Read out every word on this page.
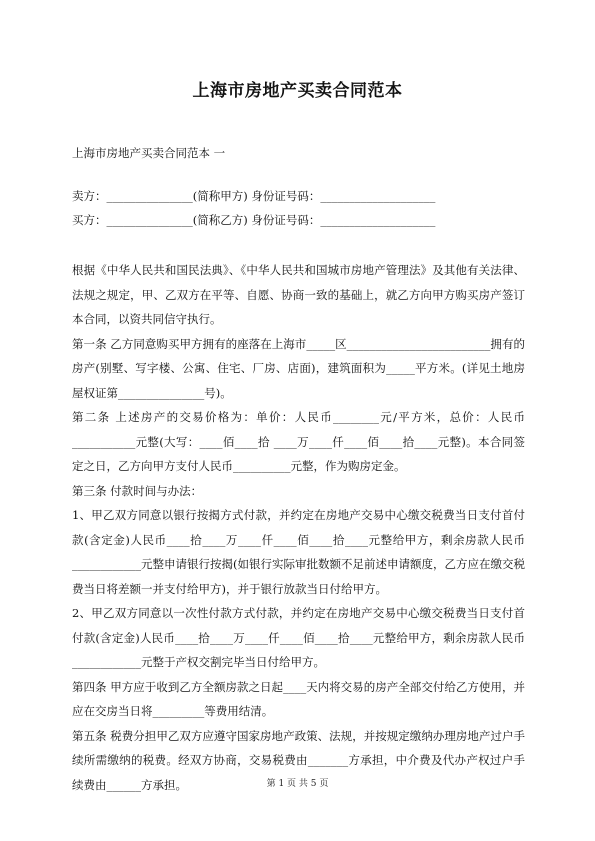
上海市房地产买卖合同范本

上海市房地产买卖合同范本 一

卖方：_______________(简称甲方) 身份证号码：____________________

买方：_______________(简称乙方) 身份证号码：____________________

根据《中华人民共和国民法典》、《中华人民共和国城市房地产管理法》及其他有关法律、法规之规定，甲、乙双方在平等、自愿、协商一致的基础上，就乙方向甲方购买房产签订本合同，以资共同信守执行。

第一条 乙方同意购买甲方拥有的座落在上海市_____区_________________________拥有的房产(别墅、写字楼、公寓、住宅、厂房、店面)，建筑面积为_____平方米。(详见土地房屋权证第_______________号)。

第二条 上述房产的交易价格为：单价：人民币________元/平方米，总价：人民币___________元整(大写：____佰____拾 ____万____仟____佰____拾____元整)。本合同签定之日，乙方向甲方支付人民币__________元整，作为购房定金。

第三条 付款时间与办法：

1、甲乙双方同意以银行按揭方式付款，并约定在房地产交易中心缴交税费当日支付首付款(含定金)人民币____拾____万____仟____佰____拾____元整给甲方，剩余房款人民币____________元整申请银行按揭(如银行实际审批数额不足前述申请额度，乙方应在缴交税费当日将差额一并支付给甲方)，并于银行放款当日付给甲方。

2、甲乙双方同意以一次性付款方式付款，并约定在房地产交易中心缴交税费当日支付首付款(含定金)人民币____拾____万____仟____佰____拾____元整给甲方，剩余房款人民币____________元整于产权交割完毕当日付给甲方。

第四条 甲方应于收到乙方全额房款之日起____天内将交易的房产全部交付给乙方使用，并应在交房当日将_________等费用结清。

第五条 税费分担甲乙双方应遵守国家房地产政策、法规，并按规定缴纳办理房地产过户手续所需缴纳的税费。经双方协商，交易税费由_______方承担，中介费及代办产权过户手续费由______方承担。	第 1 页 共 5 页
